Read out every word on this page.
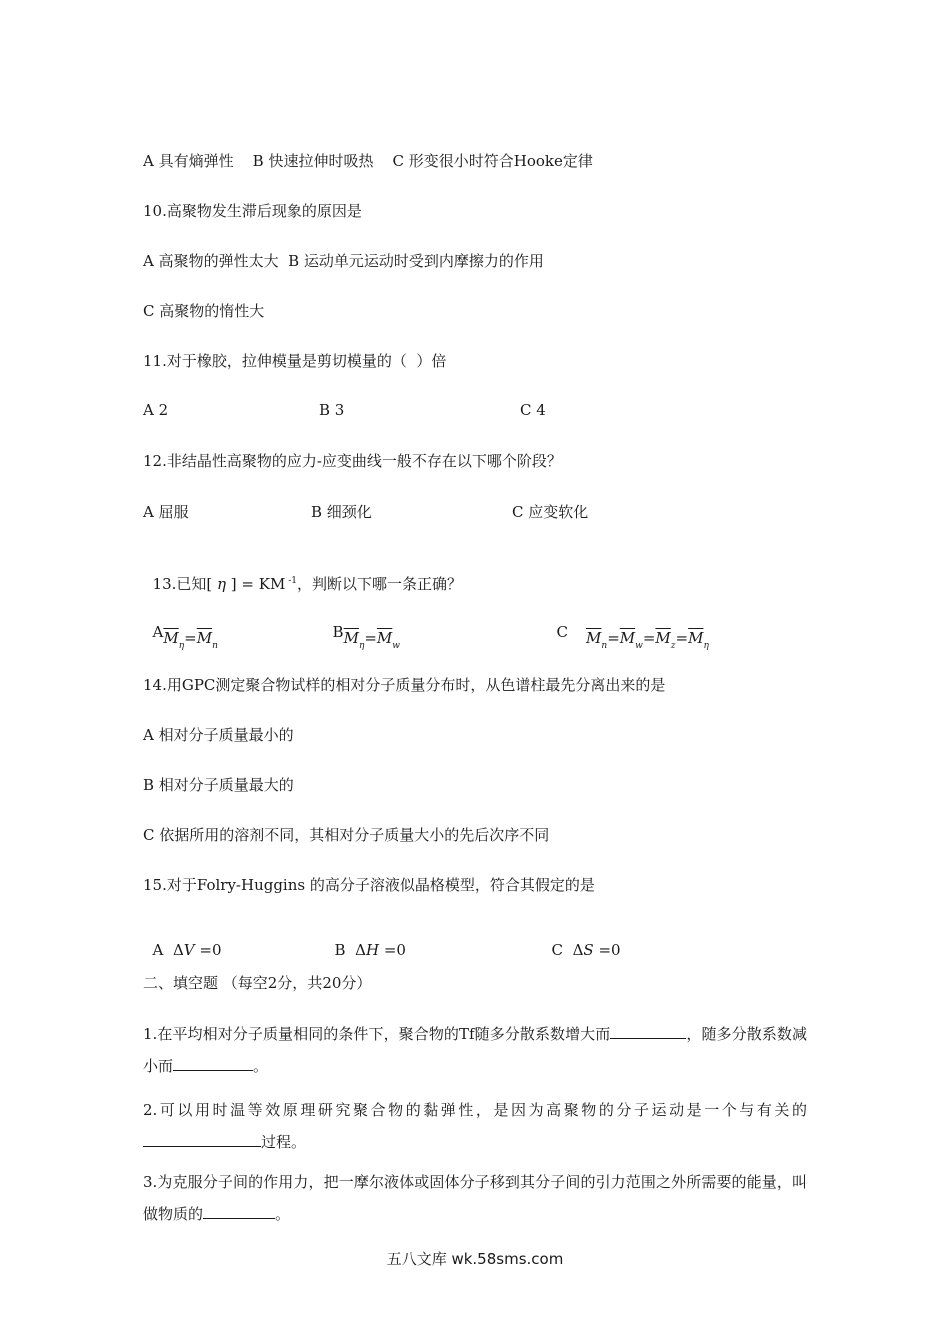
A 具有熵弹性    B 快速拉伸时吸热    C 形变很小时符合Hooke定律
10.高聚物发生滞后现象的原因是
A 高聚物的弹性太大  B 运动单元运动时受到内摩擦力的作用
C 高聚物的惰性大
11.对于橡胶，拉伸模量是剪切模量的（  ）倍
A 2	B 3	C 4
12.非结晶性高聚物的应力-应变曲线一般不存在以下哪个阶段？
A 屈服	B 细颈化	C 应变软化

13.已知[ η ] = KM $^{-1}$，判断以下哪一条正确？

$A\overline{M}_\eta=\overline{M}_n$

$B\overline{M}_\eta=\overline{M}_w$

C $\overline{M}_n=\overline{M}_w=\overline{M}_z=\overline{M}_\eta$

14.用GPC测定聚合物试样的相对分子质量分布时，从色谱柱最先分离出来的是
A 相对分子质量最小的
B 相对分子质量最大的
C 依据所用的溶剂不同，其相对分子质量大小的先后次序不同
15.对于Folry-Huggins 的高分子溶液似晶格模型，符合其假定的是

A ΔV =0	B ΔH =0	C ΔS =0

二、填空题 （每空2分，共20分）
1.在平均相对分子质量相同的条件下，聚合物的Tf随多分散系数增大而	，随多分散系数减小而	。
2.可以用时温等效原理研究聚合物的黏弹性，是因为高聚物的分子运动是一个与有关的过程。
3.为克服分子间的作用力，把一摩尔液体或固体分子移到其分子间的引力范围之外所需要的能量，叫做物质的	。
五八文库 wk.58sms.com
